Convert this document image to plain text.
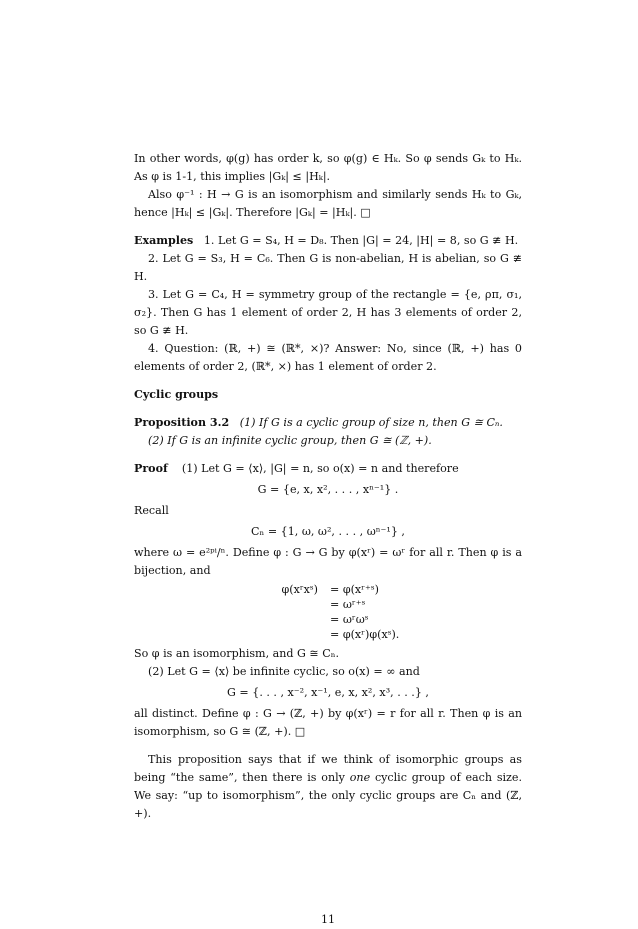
In other words, φ(g) has order k, so φ(g) ∈ Hₖ. So φ sends Gₖ to Hₖ. As φ is 1-1, this implies |Gₖ| ≤ |Hₖ|.

Also φ⁻¹ : H → G is an isomorphism and similarly sends Hₖ to Gₖ, hence |Hₖ| ≤ |Gₖ|. Therefore |Gₖ| = |Hₖ|. □

Examples 1. Let G = S₄, H = D₈. Then |G| = 24, |H| = 8, so G ≇ H.

2. Let G = S₃, H = C₆. Then G is non-abelian, H is abelian, so G ≇ H.

3. Let G = C₄, H = symmetry group of the rectangle = {e, ρπ, σ₁, σ₂}. Then G has 1 element of order 2, H has 3 elements of order 2, so G ≇ H.

4. Question: (ℝ, +) ≅ (ℝ*, ×)? Answer: No, since (ℝ, +) has 0 elements of order 2, (ℝ*, ×) has 1 element of order 2.

Cyclic groups

Proposition 3.2 (1) If G is a cyclic group of size n, then G ≅ Cₙ.

(2) If G is an infinite cyclic group, then G ≅ (ℤ, +).

Proof (1) Let G = ⟨x⟩, |G| = n, so o(x) = n and therefore

G = {e, x, x², . . . , xⁿ⁻¹} .

Recall

Cₙ = {1, ω, ω², . . . , ωⁿ⁻¹} ,

where ω = e²ᵖⁱ/ⁿ. Define φ : G → G by φ(xʳ) = ωʳ for all r. Then φ is a bijection, and

φ(xʳxˢ)	= φ(xʳ⁺ˢ)
= ωʳ⁺ˢ
= ωʳωˢ
= φ(xʳ)φ(xˢ).

So φ is an isomorphism, and G ≅ Cₙ.

(2) Let G = ⟨x⟩ be infinite cyclic, so o(x) = ∞ and

G = {. . . , x⁻², x⁻¹, e, x, x², x³, . . .} ,

all distinct. Define φ : G → (ℤ, +) by φ(xʳ) = r for all r. Then φ is an isomorphism, so G ≅ (ℤ, +). □

This proposition says that if we think of isomorphic groups as being “the same”, then there is only one cyclic group of each size. We say: “up to isomorphism”, the only cyclic groups are Cₙ and (ℤ, +).

11
